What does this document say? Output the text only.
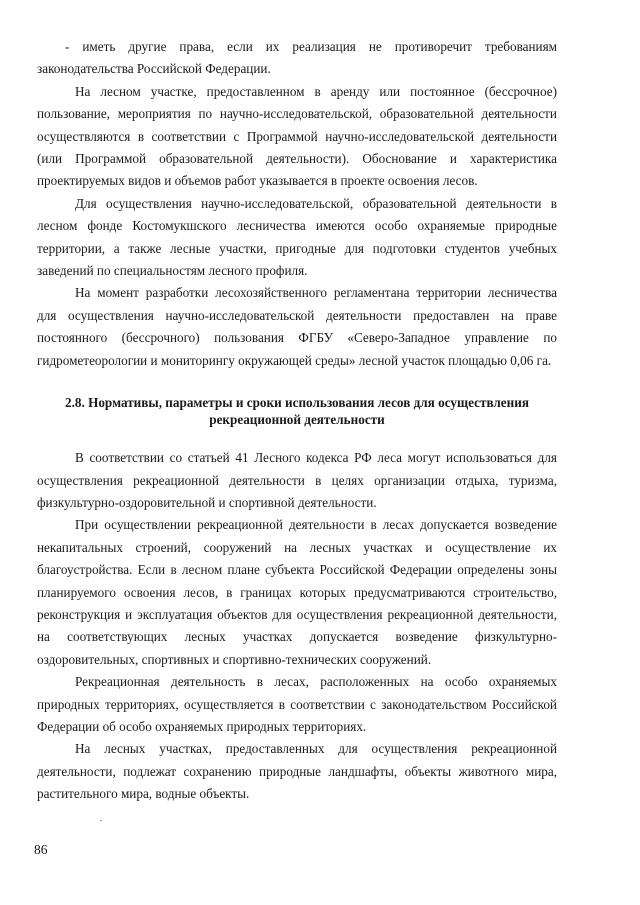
- иметь другие права, если их реализация не противоречит требованиям законодательства Российской Федерации.

На лесном участке, предоставленном в аренду или постоянное (бессрочное) пользование, мероприятия по научно-исследовательской, образовательной деятельности осуществляются в соответствии с Программой научно-исследовательской деятельности (или Программой образовательной деятельности). Обоснование и характеристика проектируемых видов и объемов работ указывается в проекте освоения лесов.

Для осуществления научно-исследовательской, образовательной деятельности в лесном фонде Костомукшского лесничества имеются особо охраняемые природные территории, а также лесные участки, пригодные для подготовки студентов учебных заведений по специальностям лесного профиля.

На момент разработки лесохозяйственного регламентана территории лесничества для осуществления научно-исследовательской деятельности предоставлен на праве постоянного (бессрочного) пользования ФГБУ «Северо-Западное управление по гидрометеорологии и мониторингу окружающей среды» лесной участок площадью 0,06 га.

2.8. Нормативы, параметры и сроки использования лесов для осуществления рекреационной деятельности

В соответствии со статьей 41 Лесного кодекса РФ леса могут использоваться для осуществления рекреационной деятельности в целях организации отдыха, туризма, физкультурно-оздоровительной и спортивной деятельности.

При осуществлении рекреационной деятельности в лесах допускается возведение некапитальных строений, сооружений на лесных участках и осуществление их благоустройства. Если в лесном плане субъекта Российской Федерации определены зоны планируемого освоения лесов, в границах которых предусматриваются строительство, реконструкция и эксплуатация объектов для осуществления рекреационной деятельности, на соответствующих лесных участках допускается возведение физкультурно-оздоровительных, спортивных и спортивно-технических сооружений.

Рекреационная деятельность в лесах, расположенных на особо охраняемых природных территориях, осуществляется в соответствии с законодательством Российской Федерации об особо охраняемых природных территориях.

На лесных участках, предоставленных для осуществления рекреационной деятельности, подлежат сохранению природные ландшафты, объекты животного мира, растительного мира, водные объекты.

86
